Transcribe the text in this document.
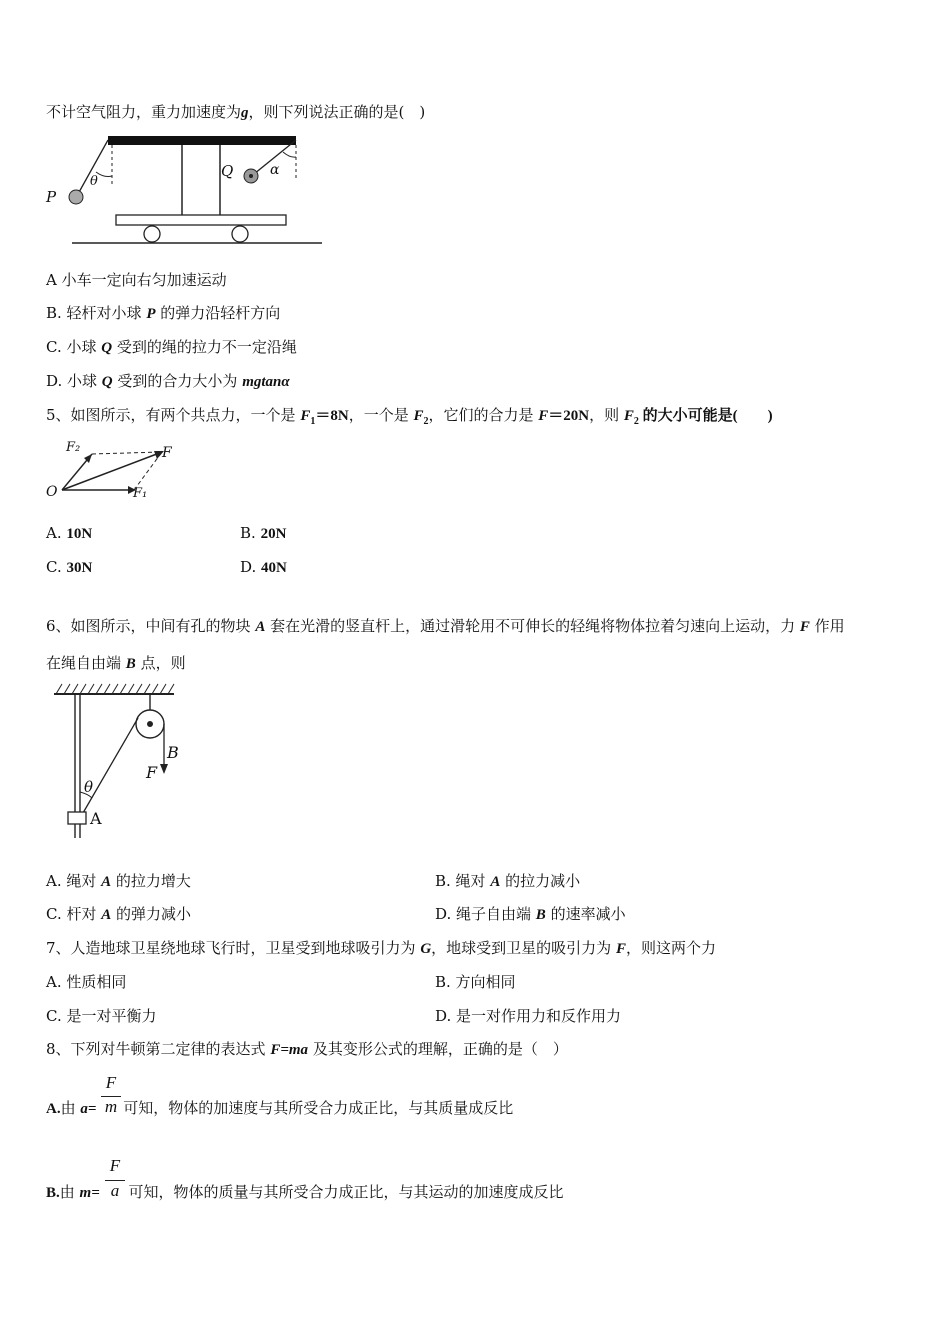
不计空气阻力，重力加速度为g，则下列说法正确的是(　)
P
θ
Q	α
A 小车一定向右匀加速运动
B. 轻杆对小球 P 的弹力沿轻杆方向
C. 小球 Q 受到的绳的拉力不一定沿绳
D. 小球 Q 受到的合力大小为 mgtanα
5、如图所示，有两个共点力，一个是 $F_1=8N$，一个是 $F_2$，它们的合力是 F＝20N，则 $F_2$ 的大小可能是(　　)
F₂	F
O	F₁
A. 10N	B. 20N
C. 30N	D. 40N
6、如图所示，中间有孔的物块 A 套在光滑的竖直杆上，通过滑轮用不可伸长的轻绳将物体拉着匀速向上运动，力 F 作用
在绳自由端 B 点，则
B
F
θ
A
A. 绳对 A 的拉力增大	B. 绳对 A 的拉力减小
C. 杆对 A 的弹力减小	D. 绳子自由端 B 的速率减小
7、人造地球卫星绕地球飞行时，卫星受到地球吸引力为 G，地球受到卫星的吸引力为 F，则这两个力
A. 性质相同	B. 方向相同
C. 是一对平衡力	D. 是一对作用力和反作用力
8、下列对牛顿第二定律的表达式 F=ma 及其变形公式的理解，正确的是（　）
F
m
A.由 a= 可知，物体的加速度与其所受合力成正比，与其质量成反比
F
a
B.由 m= 可知，物体的质量与其所受合力成正比，与其运动的加速度成反比
